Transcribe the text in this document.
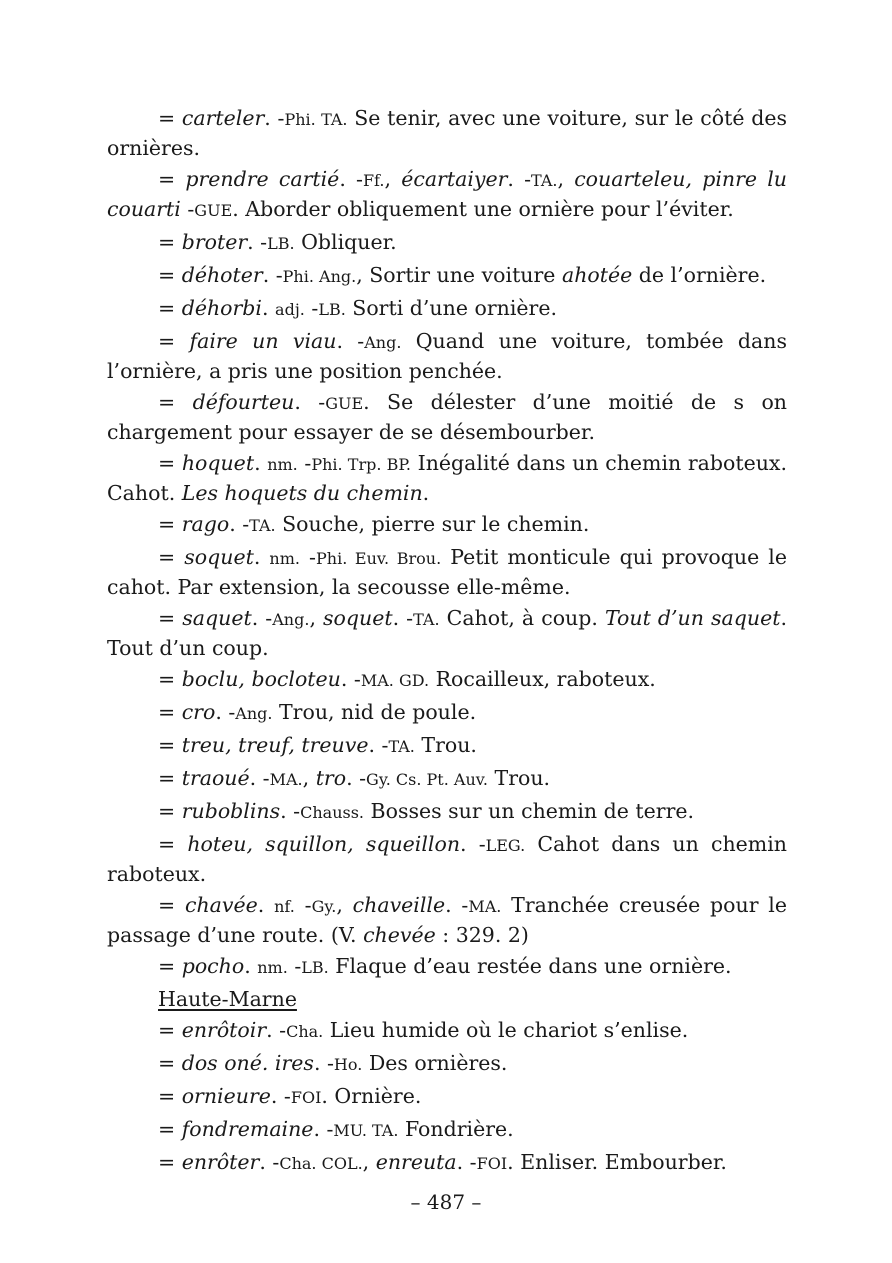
= carteler. -Phi. TA. Se tenir, avec une voiture, sur le côté des ornières.

= prendre cartié. -Ff., écartaiyer. -TA., couarteleu, pinre lu couarti -GUE. Aborder obliquement une ornière pour l’éviter.

= broter. -LB. Obliquer.

= déhoter. -Phi. Ang., Sortir une voiture ahotée de l’ornière.

= déhorbi. adj. -LB. Sorti d’une ornière.

= faire un viau. -Ang. Quand une voiture, tombée dans l’ornière, a pris une position penchée.

= défourteu. -GUE. Se délester d’une moitié de s on chargement pour essayer de se désembourber.

= hoquet. nm. -Phi. Trp. BP. Inégalité dans un chemin raboteux. Cahot. Les hoquets du chemin.

= rago. -TA. Souche, pierre sur le chemin.

= soquet. nm. -Phi. Euv. Brou. Petit monticule qui provoque le cahot. Par extension, la secousse elle-même.

= saquet. -Ang., soquet. -TA. Cahot, à coup. Tout d’un saquet. Tout d’un coup.

= boclu, bocloteu. -MA. GD. Rocailleux, raboteux.

= cro. -Ang. Trou, nid de poule.

= treu, treuf, treuve. -TA. Trou.

= traoué. -MA., tro. -Gy. Cs. Pt. Auv. Trou.

= ruboblins. -Chauss. Bosses sur un chemin de terre.

= hoteu, squillon, squeillon. -LEG. Cahot dans un chemin raboteux.

= chavée. nf. -Gy., chaveille. -MA. Tranchée creusée pour le passage d’une route. (V. chevée : 329. 2)

= pocho. nm. -LB. Flaque d’eau restée dans une ornière.

Haute-Marne

= enrôtoir. -Cha. Lieu humide où le chariot s’enlise.

= dos oné. ires. -Ho. Des ornières.

= ornieure. -FOI. Ornière.

= fondremaine. -MU. TA. Fondrière.

= enrôter. -Cha. COL., enreuta. -FOI. Enliser. Embourber.

– 487 –
